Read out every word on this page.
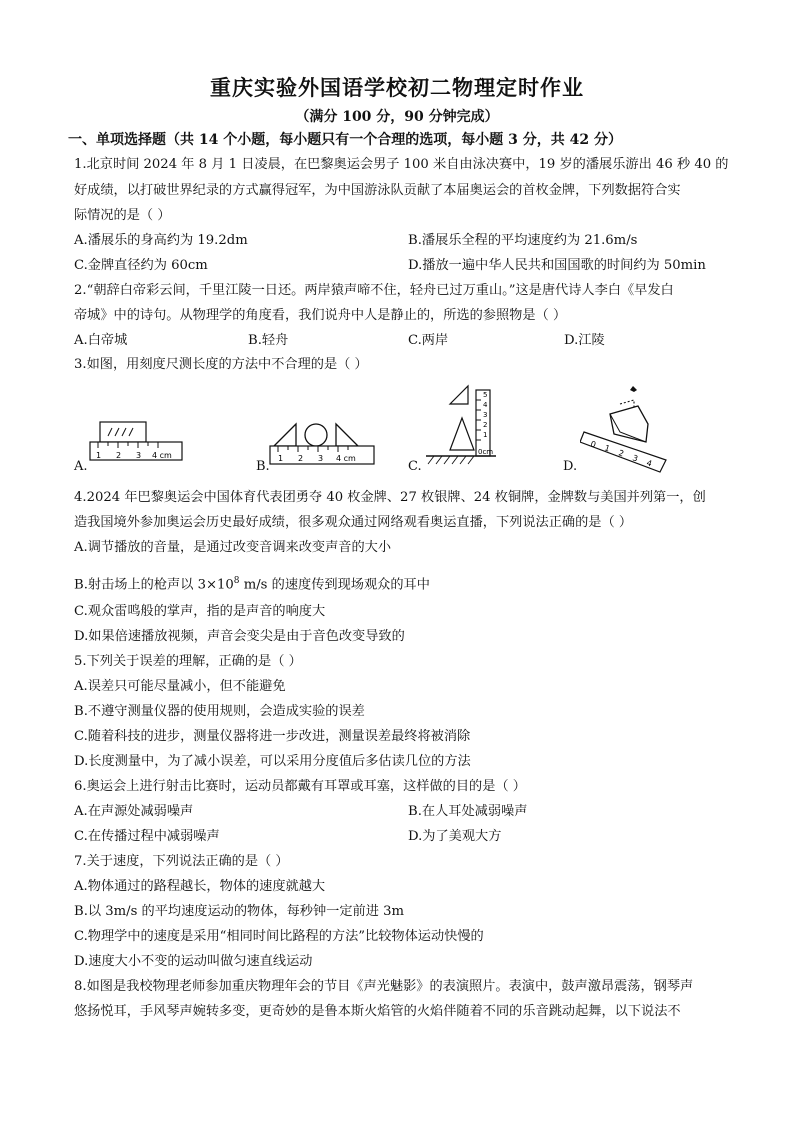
重庆实验外国语学校初二物理定时作业
（满分 100 分，90 分钟完成）
一、单项选择题（共 14 个小题，每小题只有一个合理的选项，每小题 3 分，共 42 分）
1.北京时间 2024 年 8 月 1 日凌晨，在巴黎奥运会男子 100 米自由泳决赛中，19 岁的潘展乐游出 46 秒 40 的
好成绩，以打破世界纪录的方式赢得冠军，为中国游泳队贡献了本届奥运会的首枚金牌，下列数据符合实
际情况的是（ ）
A.潘展乐的身高约为 19.2dm	B.潘展乐全程的平均速度约为 21.6m/s
C.金牌直径约为 60cm	D.播放一遍中华人民共和国国歌的时间约为 50min
2.“朝辞白帝彩云间，千里江陵一日还。两岸猿声啼不住，轻舟已过万重山。”这是唐代诗人李白《早发白
帝城》中的诗句。从物理学的角度看，我们说舟中人是静止的，所选的参照物是（ ）
A.白帝城	B.轻舟	C.两岸	D.江陵
3.如图，用刻度尺测长度的方法中不合理的是（ ）
A.
1 2 3 4 cm
B.
1 2 3 4 cm
C.
5
4
3
2
1
0cm
D.
0 1 2 3 4
4.2024 年巴黎奥运会中国体育代表团勇夺 40 枚金牌、27 枚银牌、24 枚铜牌，金牌数与美国并列第一，创
造我国境外参加奥运会历史最好成绩，很多观众通过网络观看奥运直播，下列说法正确的是（ ）
A.调节播放的音量，是通过改变音调来改变声音的大小
B.射击场上的枪声以 $3\times 10^8$ m/s 的速度传到现场观众的耳中
C.观众雷鸣般的掌声，指的是声音的响度大
D.如果倍速播放视频，声音会变尖是由于音色改变导致的
5.下列关于误差的理解，正确的是（ ）
A.误差只可能尽量减小，但不能避免
B.不遵守测量仪器的使用规则，会造成实验的误差
C.随着科技的进步，测量仪器将进一步改进，测量误差最终将被消除
D.长度测量中，为了减小误差，可以采用分度值后多估读几位的方法
6.奥运会上进行射击比赛时，运动员都戴有耳罩或耳塞，这样做的目的是（ ）
A.在声源处减弱噪声	B.在人耳处减弱噪声
C.在传播过程中减弱噪声	D.为了美观大方
7.关于速度，下列说法正确的是（ ）
A.物体通过的路程越长，物体的速度就越大
B.以 3m/s 的平均速度运动的物体，每秒钟一定前进 3m
C.物理学中的速度是采用“相同时间比路程的方法”比较物体运动快慢的
D.速度大小不变的运动叫做匀速直线运动
8.如图是我校物理老师参加重庆物理年会的节目《声光魅影》的表演照片。表演中，鼓声激昂震荡，钢琴声
悠扬悦耳，手风琴声婉转多变，更奇妙的是鲁本斯火焰管的火焰伴随着不同的乐音跳动起舞，以下说法不
